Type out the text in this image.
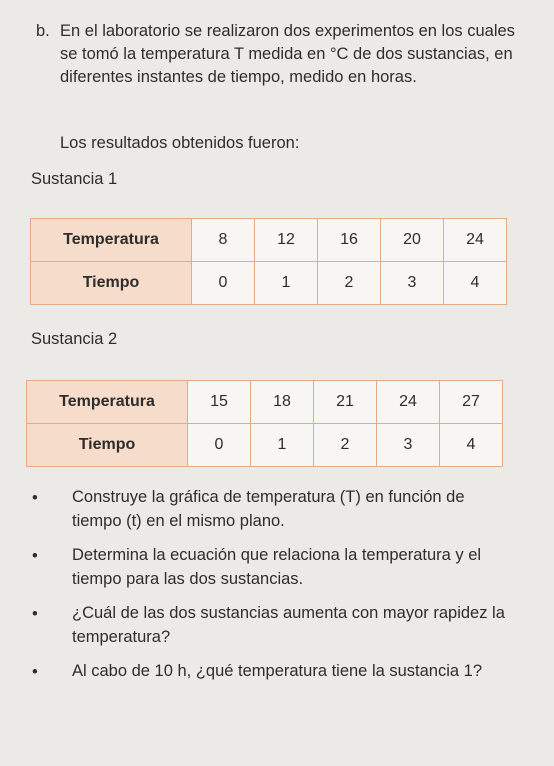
b. En el laboratorio se realizaron dos experimentos en los cuales se tomó la temperatura T medida en °C de dos sustancias, en diferentes instantes de tiempo, medido en horas.
Los resultados obtenidos fueron:
Sustancia 1
Temperatura	8	12	16	20	24
Tiempo	0	1	2	3	4
Sustancia 2
Temperatura	15	18	21	24	27
Tiempo	0	1	2	3	4
• Construye la gráfica de temperatura (T) en función de tiempo (t) en el mismo plano.
• Determina la ecuación que relaciona la temperatura y el tiempo para las dos sustancias.
• ¿Cuál de las dos sustancias aumenta con mayor rapidez la temperatura?
• Al cabo de 10 h, ¿qué temperatura tiene la sustancia 1?
